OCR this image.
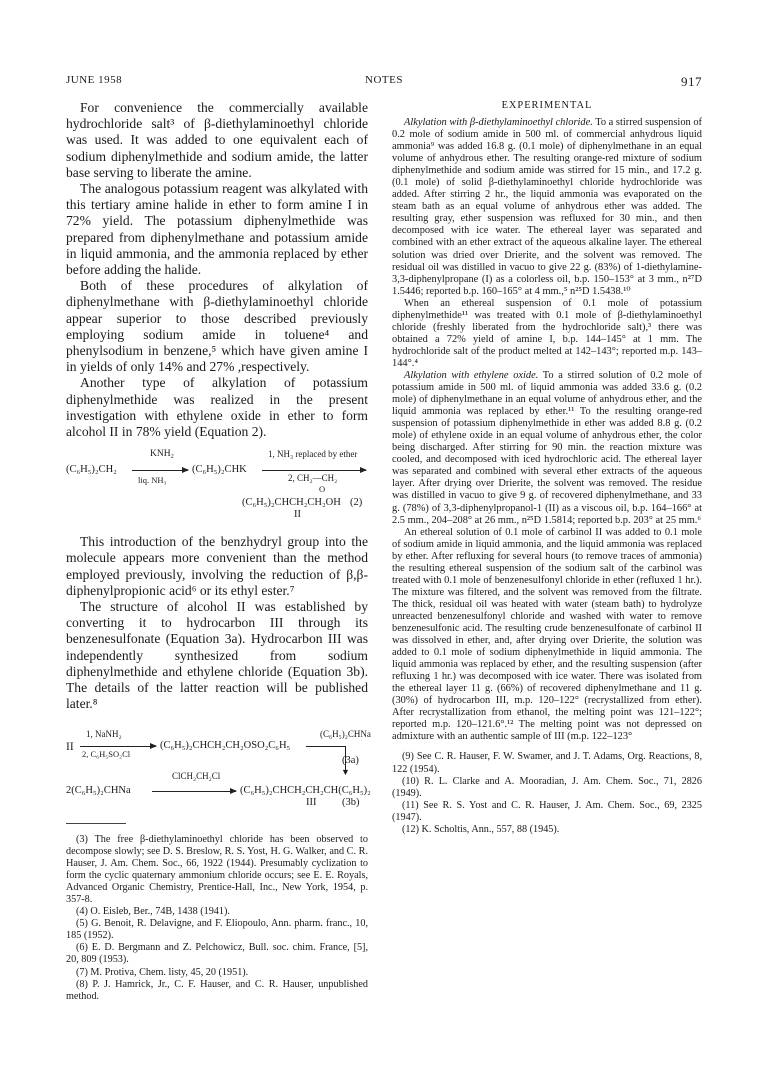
JUNE 1958	NOTES	917

For convenience the commercially available hydrochloride salt³ of β-diethylaminoethyl chloride was used. It was added to one equivalent each of sodium diphenylmethide and sodium amide, the latter base serving to liberate the amine.

The analogous potassium reagent was alkylated with this tertiary amine halide in ether to form amine I in 72% yield. The potassium diphenylmethide was prepared from diphenylmethane and potassium amide in liquid ammonia, and the ammonia replaced by ether before adding the halide.

Both of these procedures of alkylation of diphenylmethane with β-diethylaminoethyl chloride appear superior to those described previously employing sodium amide in toluene⁴ and phenylsodium in benzene,⁵ which have given amine I in yields of only 14% and 27% ,respectively.

Another type of alkylation of potassium diphenylmethide was realized in the present investigation with ethylene oxide in ether to form alcohol II in 78% yield (Equation 2).

(C₆H₅)₂CH₂
KNH₂
liq. NH₃
(C₆H₅)₂CHK
1, NH₃ replaced by ether
2, CH₂—CH₂
O
(C₆H₅)₂CHCH₂CH₂OH (2)
II

This introduction of the benzhydryl group into the molecule appears more convenient than the method employed previously, involving the reduction of β,β-diphenylpropionic acid⁶ or its ethyl ester.⁷

The structure of alcohol II was established by converting it to hydrocarbon III through its benzenesulfonate (Equation 3a). Hydrocarbon III was independently synthesized from sodium diphenylmethide and ethylene chloride (Equation 3b). The details of the latter reaction will be published later.⁸

II
1, NaNH₂
2, C₆H₅SO₂Cl
(C₆H₅)₂CHCH₂CH₂OSO₂C₆H₅
(C₆H₅)₂CHNa
▼
(3a)
2(C₆H₅)₂CHNa
ClCH₂CH₂Cl
(C₆H₅)₂CHCH₂CH₂CH(C₆H₅)₂
III (3b)

(3) The free β-diethylaminoethyl chloride has been observed to decompose slowly; see D. S. Breslow, R. S. Yost, H. G. Walker, and C. R. Hauser, J. Am. Chem. Soc., 66, 1922 (1944). Presumably cyclization to form the cyclic quaternary ammonium chloride occurs; see E. E. Royals, Advanced Organic Chemistry, Prentice-Hall, Inc., New York, 1954, p. 357-8.

(4) O. Eisleb, Ber., 74B, 1438 (1941).

(5) G. Benoit, R. Delavigne, and F. Eliopoulo, Ann. pharm. franc., 10, 185 (1952).

(6) E. D. Bergmann and Z. Pelchowicz, Bull. soc. chim. France, [5], 20, 809 (1953).

(7) M. Protiva, Chem. listy, 45, 20 (1951).

(8) P. J. Hamrick, Jr., C. F. Hauser, and C. R. Hauser, unpublished method.

EXPERIMENTAL

Alkylation with β-diethylaminoethyl chloride. To a stirred suspension of 0.2 mole of sodium amide in 500 ml. of commercial anhydrous liquid ammonia⁹ was added 16.8 g. (0.1 mole) of diphenylmethane in an equal volume of anhydrous ether. The resulting orange-red mixture of sodium diphenylmethide and sodium amide was stirred for 15 min., and 17.2 g. (0.1 mole) of solid β-diethylaminoethyl chloride hydrochloride was added. After stirring 2 hr., the liquid ammonia was evaporated on the steam bath as an equal volume of anhydrous ether was added. The resulting gray, ether suspension was refluxed for 30 min., and then decomposed with ice water. The ethereal layer was separated and combined with an ether extract of the aqueous alkaline layer. The ethereal solution was dried over Drierite, and the solvent was removed. The residual oil was distilled in vacuo to give 22 g. (83%) of 1-diethylamine-3,3-diphenylpropane (I) as a colorless oil, b.p. 150–153° at 3 mm., n²⁷D 1.5446; reported b.p. 160–165° at 4 mm.,⁵ n²⁵D 1.5438.¹⁰

When an ethereal suspension of 0.1 mole of potassium diphenylmethide¹¹ was treated with 0.1 mole of β-diethylaminoethyl chloride (freshly liberated from the hydrochloride salt),³ there was obtained a 72% yield of amine I, b.p. 144–145° at 1 mm. The hydrochloride salt of the product melted at 142–143°; reported m.p. 143–144°.⁴

Alkylation with ethylene oxide. To a stirred solution of 0.2 mole of potassium amide in 500 ml. of liquid ammonia was added 33.6 g. (0.2 mole) of diphenylmethane in an equal volume of anhydrous ether, and the liquid ammonia was replaced by ether.¹¹ To the resulting orange-red suspension of potassium diphenylmethide in ether was added 8.8 g. (0.2 mole) of ethylene oxide in an equal volume of anhydrous ether, the color being discharged. After stirring for 90 min. the reaction mixture was cooled, and decomposed with iced hydrochloric acid. The ethereal layer was separated and combined with several ether extracts of the aqueous layer. After drying over Drierite, the solvent was removed. The residue was distilled in vacuo to give 9 g. of recovered diphenylmethane, and 33 g. (78%) of 3,3-diphenylpropanol-1 (II) as a viscous oil, b.p. 164–166° at 2.5 mm., 204–208° at 26 mm., n²⁵D 1.5814; reported b.p. 203° at 25 mm.⁶

An ethereal solution of 0.1 mole of carbinol II was added to 0.1 mole of sodium amide in liquid ammonia, and the liquid ammonia was replaced by ether. After refluxing for several hours (to remove traces of ammonia) the resulting ethereal suspension of the sodium salt of the carbinol was treated with 0.1 mole of benzenesulfonyl chloride in ether (refluxed 1 hr.). The mixture was filtered, and the solvent was removed from the filtrate. The thick, residual oil was heated with water (steam bath) to hydrolyze unreacted benzenesulfonyl chloride and washed with water to remove benzenesulfonic acid. The resulting crude benzenesulfonate of carbinol II was dissolved in ether, and, after drying over Drierite, the solution was added to 0.1 mole of sodium diphenylmethide in liquid ammonia. The liquid ammonia was replaced by ether, and the resulting suspension (after refluxing 1 hr.) was decomposed with ice water. There was isolated from the ethereal layer 11 g. (66%) of recovered diphenylmethane and 11 g. (30%) of hydrocarbon III, m.p. 120–122° (recrystallized from ether). After recrystallization from ethanol, the melting point was 121–122°; reported m.p. 120–121.6°.¹² The melting point was not depressed on admixture with an authentic sample of III (m.p. 122–123°

(9) See C. R. Hauser, F. W. Swamer, and J. T. Adams, Org. Reactions, 8, 122 (1954).

(10) R. L. Clarke and A. Mooradian, J. Am. Chem. Soc., 71, 2826 (1949).

(11) See R. S. Yost and C. R. Hauser, J. Am. Chem. Soc., 69, 2325 (1947).

(12) K. Scholtis, Ann., 557, 88 (1945).
